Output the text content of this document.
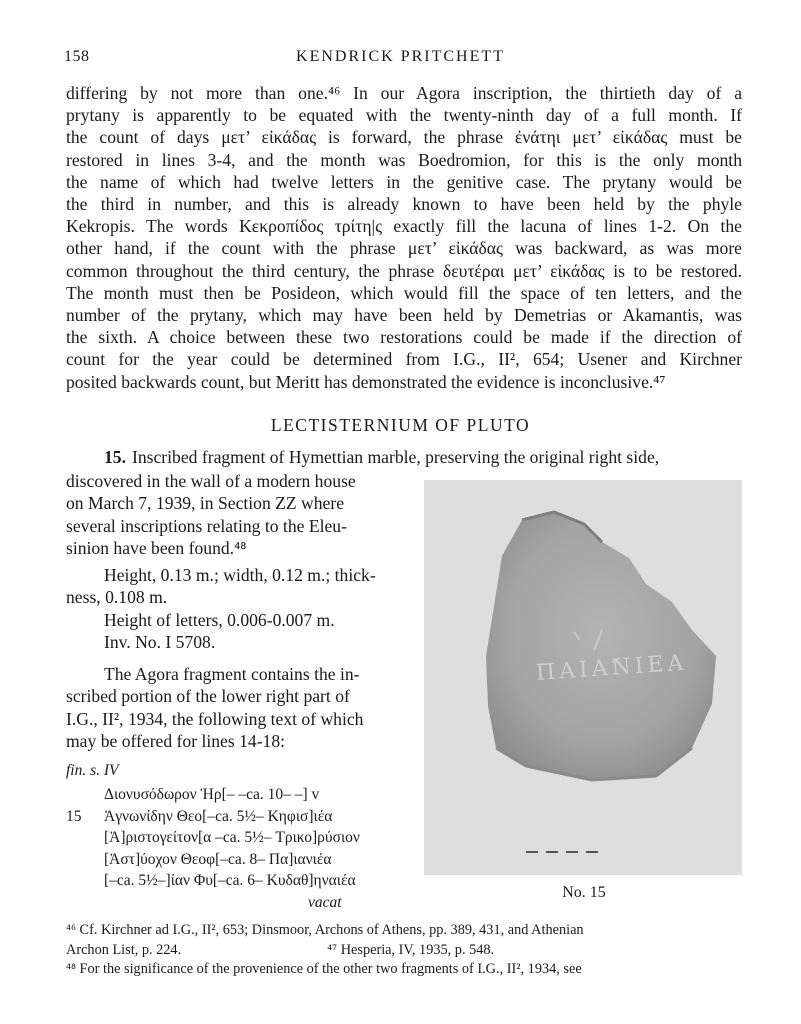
158	KENDRICK PRITCHETT
differing by not more than one.⁴⁶ In our Agora inscription, the thirtieth day of a
prytany is apparently to be equated with the twenty-ninth day of a full month. If
the count of days μετ’ εἰκάδας is forward, the phrase ἐνάτηι μετ’ εἰκάδας must be
restored in lines 3-4, and the month was Boedromion, for this is the only month
the name of which had twelve letters in the genitive case. The prytany would be
the third in number, and this is already known to have been held by the phyle
Kekropis. The words Κεκροπίδος τρίτη|ς exactly fill the lacuna of lines 1-2. On the
other hand, if the count with the phrase μετ’ εἰκάδας was backward, as was more
common throughout the third century, the phrase δευτέραι μετ’ εἰκάδας is to be restored.
The month must then be Posideon, which would fill the space of ten letters, and the
number of the prytany, which may have been held by Demetrias or Akamantis, was
the sixth. A choice between these two restorations could be made if the direction of
count for the year could be determined from I.G., II², 654; Usener and Kirchner
posited backwards count, but Meritt has demonstrated the evidence is inconclusive.⁴⁷
LECTISTERNIUM OF PLUTO
15. Inscribed fragment of Hymettian marble, preserving the original right side,
discovered in the wall of a modern house
on March 7, 1939, in Section ZZ where
several inscriptions relating to the Eleu-
sinion have been found.⁴⁸
Height, 0.13 m.; width, 0.12 m.; thick-
ness, 0.108 m.
Height of letters, 0.006-0.007 m.
Inv. No. I 5708.
The Agora fragment contains the in-
scribed portion of the lower right part of
I.G., II², 1934, the following text of which
may be offered for lines 14-18:
fin. s. IV
Διονυσόδωρον Ἡρ[– –ca. 10– –] v
15 Ἁγνωνίδην Θεο[–ca. 5½– Κηφισ]ιέα
[Ἀ]ριστογείτον[α –ca. 5½– Τρικο]ρύσιον
[Ἀστ]ύοχον Θεοφ[–ca. 8– Πα]ιανιέα
[–ca. 5½–]ίαν Φυ[–ca. 6– Κυδαθ]ηναιέα
vacat
ΠΑΙΑΝΙΕΑ
No. 15
⁴⁶ Cf. Kirchner ad I.G., II², 653; Dinsmoor, Archons of Athens, pp. 389, 431, and Athenian
Archon List, p. 224.	⁴⁷ Hesperia, IV, 1935, p. 548.
⁴⁸ For the significance of the provenience of the other two fragments of I.G., II², 1934, see
